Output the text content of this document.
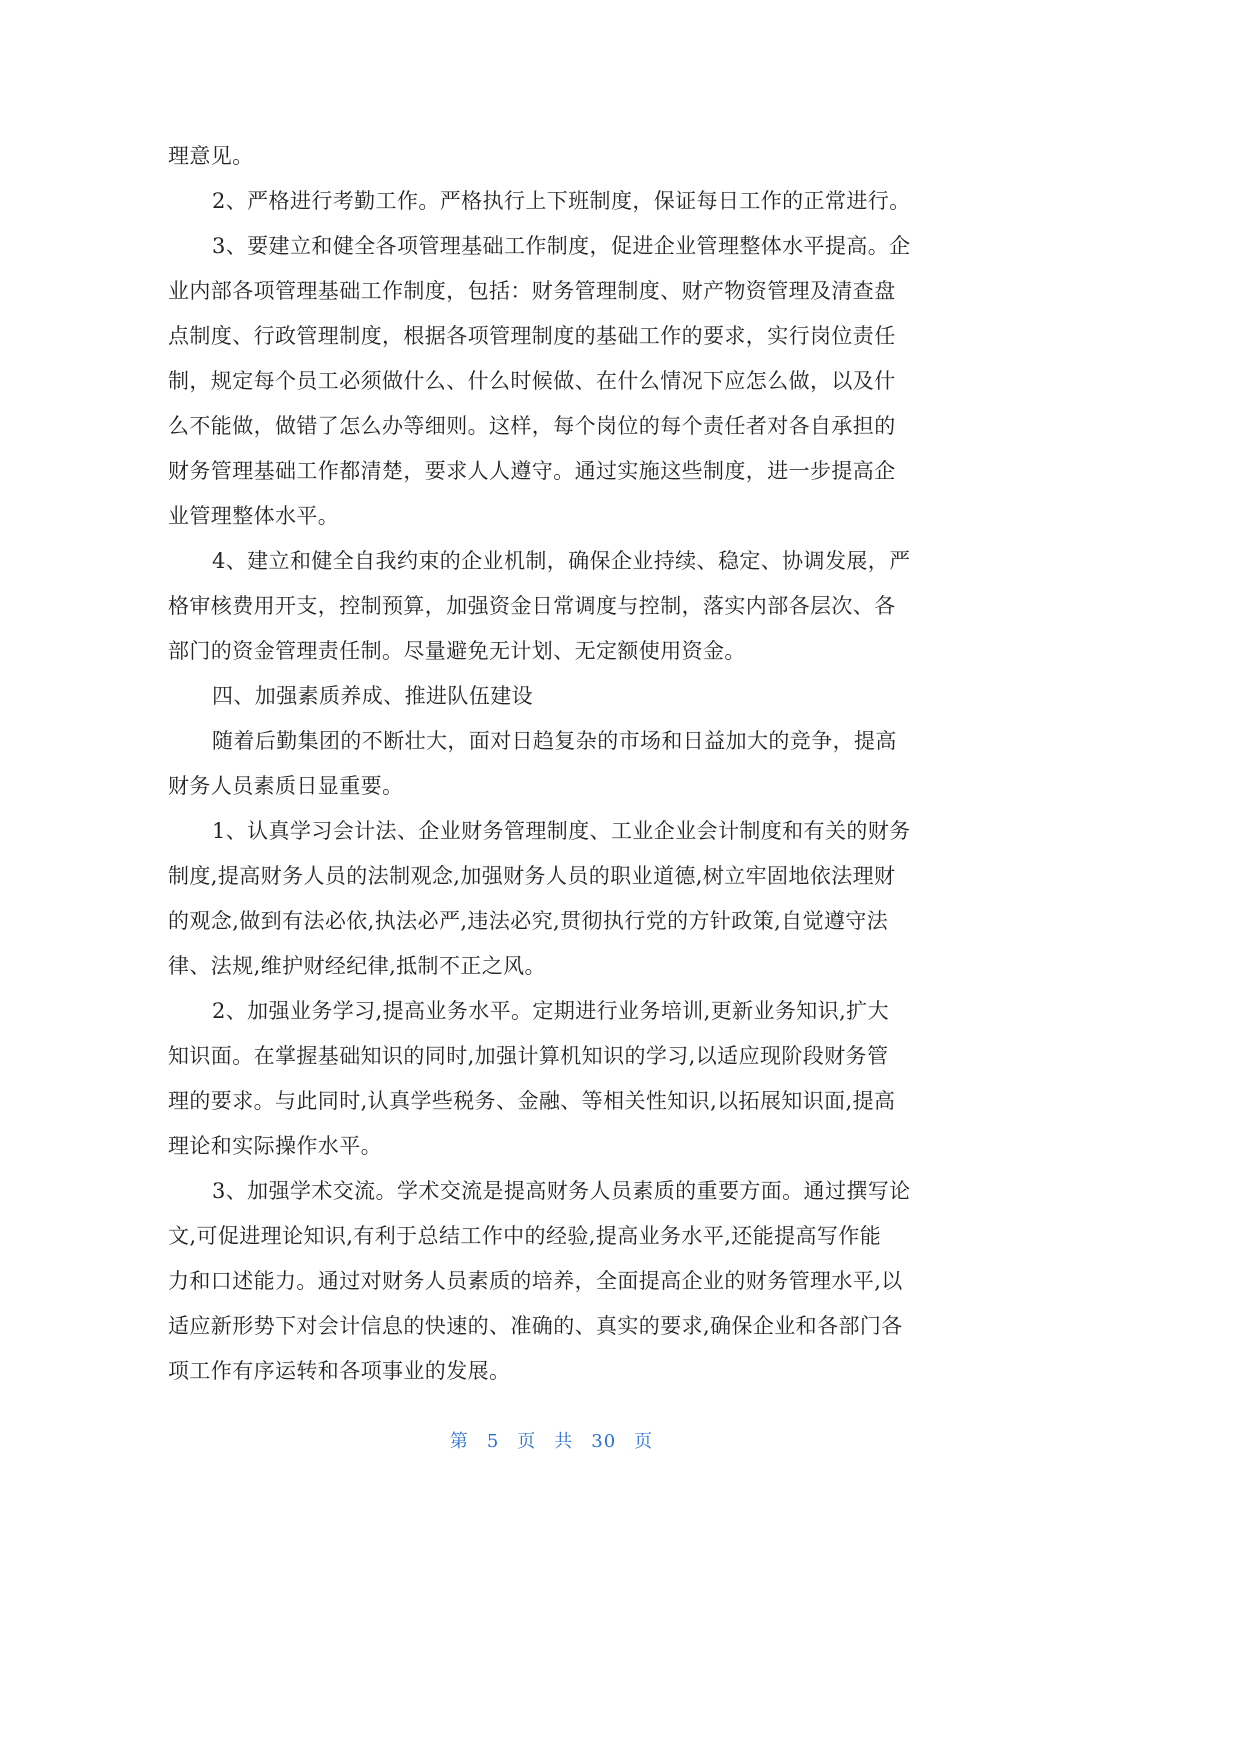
理意见。
2、严格进行考勤工作。严格执行上下班制度，保证每日工作的正常进行。
3、要建立和健全各项管理基础工作制度，促进企业管理整体水平提高。企
业内部各项管理基础工作制度，包括：财务管理制度、财产物资管理及清查盘
点制度、行政管理制度，根据各项管理制度的基础工作的要求，实行岗位责任
制，规定每个员工必须做什么、什么时候做、在什么情况下应怎么做，以及什
么不能做，做错了怎么办等细则。这样，每个岗位的每个责任者对各自承担的
财务管理基础工作都清楚，要求人人遵守。通过实施这些制度，进一步提高企
业管理整体水平。
4、建立和健全自我约束的企业机制，确保企业持续、稳定、协调发展，严
格审核费用开支，控制预算，加强资金日常调度与控制，落实内部各层次、各
部门的资金管理责任制。尽量避免无计划、无定额使用资金。
四、加强素质养成、推进队伍建设
随着后勤集团的不断壮大，面对日趋复杂的市场和日益加大的竞争，提高
财务人员素质日显重要。
1、认真学习会计法、企业财务管理制度、工业企业会计制度和有关的财务
制度,提高财务人员的法制观念,加强财务人员的职业道德,树立牢固地依法理财
的观念,做到有法必依,执法必严,违法必究,贯彻执行党的方针政策,自觉遵守法
律、法规,维护财经纪律,抵制不正之风。
2、加强业务学习,提高业务水平。定期进行业务培训,更新业务知识,扩大
知识面。在掌握基础知识的同时,加强计算机知识的学习,以适应现阶段财务管
理的要求。与此同时,认真学些税务、金融、等相关性知识,以拓展知识面,提高
理论和实际操作水平。
3、加强学术交流。学术交流是提高财务人员素质的重要方面。通过撰写论
文,可促进理论知识,有利于总结工作中的经验,提高业务水平,还能提高写作能
力和口述能力。通过对财务人员素质的培养，全面提高企业的财务管理水平,以
适应新形势下对会计信息的快速的、准确的、真实的要求,确保企业和各部门各
项工作有序运转和各项事业的发展。
第 5 页 共 30 页
